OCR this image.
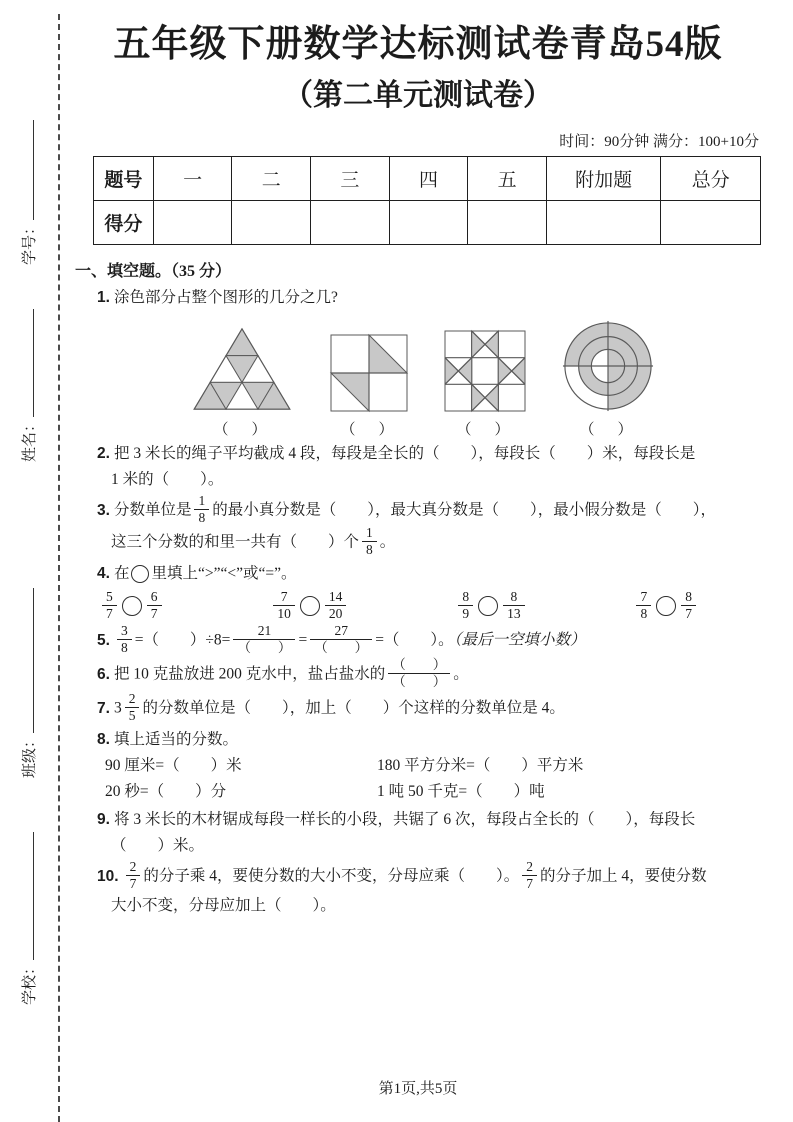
学号：
姓名：
班级：
学校：
五年级下册数学达标测试卷青岛54版
（第二单元测试卷）
时间：90分钟 满分：100+10分
题号	一	二	三	四	五	附加题	总分
得分							
一、填空题。（35 分）
1. 涂色部分占整个图形的几分之几?
（　）	（　）	（　）	（　）
2. 把 3 米长的绳子平均截成 4 段，每段是全长的（　　），每段长（　　）米，每段长是
1 米的（　　）。
3. 分数单位是 $\frac{1}{8}$ 的最小真分数是（　　），最大真分数是（　　），最小假分数是（　　），
这三个分数的和里一共有（　　）个 $\frac{1}{8}$ 。
4. 在 里填上“>”“<”或“=”。
$\frac{5}{7} \frac{6}{7}$	$\frac{7}{10} \frac{14}{20}$	$\frac{8}{9} \frac{8}{13}$	$\frac{7}{8} \frac{8}{7}$
5. $\frac{3}{8}$ =（　　）$\div 8= \frac{21}{( )} = \frac{27}{( )}$ =（　　）。（最后一空填小数）
6. 把 10 克盐放进 200 克水中，盐占盐水的 $\frac{( )}{( )}$ 。
7. $3 \frac{2}{5}$ 的分数单位是（　　），加上（　　）个这样的分数单位是 4。
8. 填上适当的分数。
90 厘米=（　　）米	180 平方分米=（　　）平方米
20 秒=（　　）分	1 吨 50 千克=（　　）吨
9. 将 3 米长的木材锯成每段一样长的小段，共锯了 6 次，每段占全长的（　　），每段长
（　　）米。
10. $\frac{2}{7}$ 的分子乘 4，要使分数的大小不变，分母应乘（　　）。 $\frac{2}{7}$ 的分子加上 4，要使分数
大小不变，分母应加上（　　）。
第1页,共5页
